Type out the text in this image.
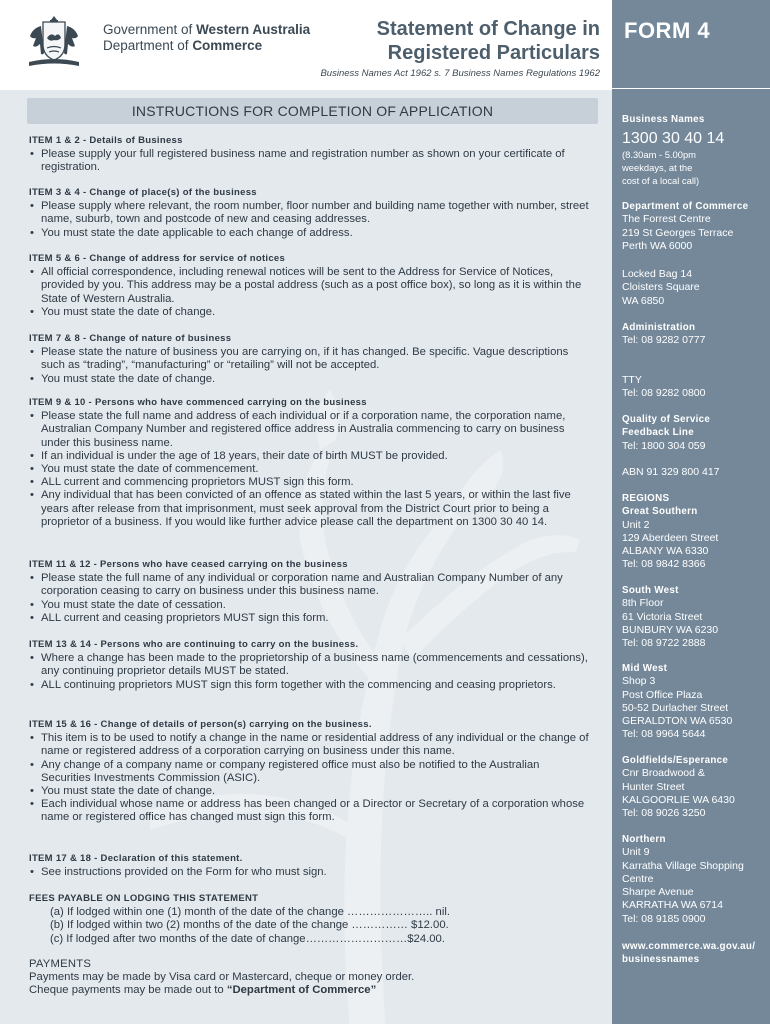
Government of Western Australia
Department of Commerce
Statement of Change in
Registered Particulars
Business Names Act 1962 s. 7 Business Names Regulations 1962
INSTRUCTIONS FOR COMPLETION OF APPLICATION
ITEM 1 & 2 - Details of Business
• Please supply your full registered business name and registration number as shown on your certificate of registration.
ITEM 3 & 4 - Change of place(s) of the business
• Please supply where relevant, the room number, floor number and building name together with number, street name, suburb, town and postcode of new and ceasing addresses.
• You must state the date applicable to each change of address.
ITEM 5 & 6 - Change of address for service of notices
• All official correspondence, including renewal notices will be sent to the Address for Service of Notices, provided by you. This address may be a postal address (such as a post office box), so long as it is within the State of Western Australia.
• You must state the date of change.
ITEM 7 & 8 - Change of nature of business
• Please state the nature of business you are carrying on, if it has changed. Be specific. Vague descriptions such as “trading”, “manufacturing” or “retailing” will not be accepted.
• You must state the date of change.
ITEM 9 & 10 - Persons who have commenced carrying on the business
• Please state the full name and address of each individual or if a corporation name, the corporation name, Australian Company Number and registered office address in Australia commencing to carry on business under this business name.
• If an individual is under the age of 18 years, their date of birth MUST be provided.
• You must state the date of commencement.
• ALL current and commencing proprietors MUST sign this form.
• Any individual that has been convicted of an offence as stated within the last 5 years, or within the last five years after release from that imprisonment, must seek approval from the District Court prior to being a proprietor of a business. If you would like further advice please call the department on 1300 30 40 14.
ITEM 11 & 12 - Persons who have ceased carrying on the business
• Please state the full name of any individual or corporation name and Australian Company Number of any corporation ceasing to carry on business under this business name.
• You must state the date of cessation.
• ALL current and ceasing proprietors MUST sign this form.
ITEM 13 & 14 - Persons who are continuing to carry on the business.
• Where a change has been made to the proprietorship of a business name (commencements and cessations), any continuing proprietor details MUST be stated.
• ALL continuing proprietors MUST sign this form together with the commencing and ceasing proprietors.
ITEM 15 & 16 - Change of details of person(s) carrying on the business.
• This item is to be used to notify a change in the name or residential address of any individual or the change of name or registered address of a corporation carrying on business under this name.
• Any change of a company name or company registered office must also be notified to the Australian Securities Investments Commission (ASIC).
• You must state the date of change.
• Each individual whose name or address has been changed or a Director or Secretary of a corporation whose name or registered office has changed must sign this form.
ITEM 17 & 18 - Declaration of this statement.
• See instructions provided on the Form for who must sign.
FEES PAYABLE ON LODGING THIS STATEMENT
(a) If lodged within one (1) month of the date of the change ………………….. nil.
(b) If lodged within two (2) months of the date of the change …………… $12.00.
(c) If lodged after two months of the date of change………………………$24.00.
PAYMENTS
Payments may be made by Visa card or Mastercard, cheque or money order.
Cheque payments may be made out to “Department of Commerce”
FORM 4
Business Names
1300 30 40 14
(8.30am - 5.00pm
weekdays, at the
cost of a local call)
Department of Commerce
The Forrest Centre
219 St Georges Terrace
Perth WA 6000
Locked Bag 14
Cloisters Square
WA 6850
Administration
Tel: 08 9282 0777
TTY
Tel: 08 9282 0800
Quality of Service
Feedback Line
Tel: 1800 304 059
ABN 91 329 800 417
REGIONS
Great Southern
Unit 2
129 Aberdeen Street
ALBANY WA 6330
Tel: 08 9842 8366
South West
8th Floor
61 Victoria Street
BUNBURY WA 6230
Tel: 08 9722 2888
Mid West
Shop 3
Post Office Plaza
50-52 Durlacher Street
GERALDTON WA 6530
Tel: 08 9964 5644
Goldfields/Esperance
Cnr Broadwood &
Hunter Street
KALGOORLIE WA 6430
Tel: 08 9026 3250
Northern
Unit 9
Karratha Village Shopping
Centre
Sharpe Avenue
KARRATHA WA 6714
Tel: 08 9185 0900
www.commerce.wa.gov.au/
businessnames
